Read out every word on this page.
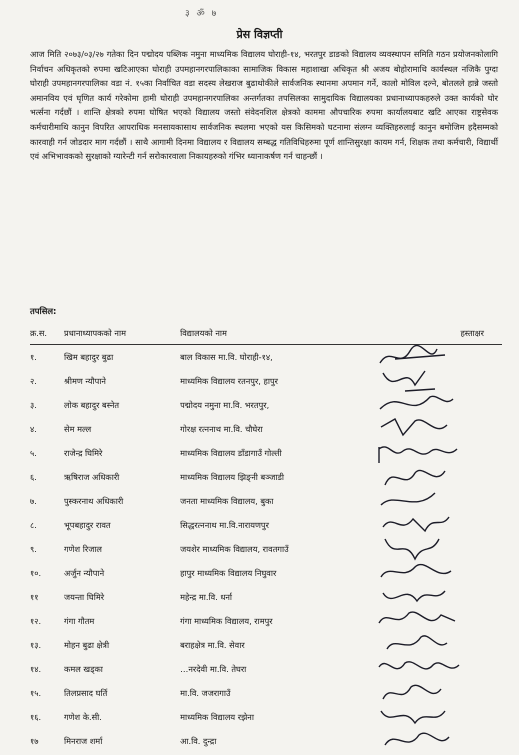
३ ॐ ७
प्रेस विज्ञप्ती

आज मिति २०७३/०३/२७ गतेका दिन पद्मोदय पब्लिक नमुना माध्यमिक विद्यालय घोराही-१४, भरतपुर डाङको विद्यालय व्यवस्थापन समिति गठन प्रयोजनकोलागि निर्वाचन अधिकृतको रुपमा खटिआएका घोराही उपमहानगरपालिकाका सामाजिक विकास महाशाखा अधिकृत श्री अजय बोहोरामाथि कार्यस्थल नजिकै पुग्दा घोराही उपमहानगरपालिका वडा नं. १५का निर्वाचित वडा सदस्य लेखराज बुढाथोकीले सार्वजनिक स्थानमा अपमान गर्ने, कालो मोविल दल्ने, बोतलले हान्ने जस्तो अमानविय एवं घृणित कार्य गरेकोमा हामी घोराही उपमहानगरपालिका अन्तर्गतका तपसिलका सामुदायिक विद्यालयका प्रधानाध्यापकहरुले उक्त कार्यको घोर भर्त्सना गर्दछौं । शान्ति क्षेत्रको रुपमा घोषित भएको विद्यालय जस्तो संवेदनशिल क्षेत्रको काममा औपचारिक रुपमा कार्यालयबाट खटि आएका राष्ट्रसेवक कर्मचारीमाथि कानुन विपरित आपराधिक मनसायकासाथ सार्वजनिक स्थलमा भएको यस किसिमको घटनामा संलग्न व्यक्तिहरुलाई कानुन बमोजिम हदैसम्मको कारवाही गर्न जोडदार माग गर्दछौं । साथै आगामी दिनमा विद्यालय र विद्यालय सम्बद्ध गतिविधिहरुमा पूर्ण शान्तिसुरक्षा कायम गर्न, शिक्षक तथा कर्मचारी, विद्यार्थी एवं अभिभावकको सुरक्षाको ग्यारेन्टी गर्न सरोकारवाला निकायहरुको गंभिर ध्यानाकर्षण गर्न चाहन्छौं ।

तपसिल:
क्र.स.	प्रधानाध्यापकको नाम	विद्यालयको नाम	हस्ताक्षर
१.	खिम बहादुर बुढा	बाल विकास मा.वि. घोराही-१४,	

२.	श्रीमण न्यौपाने	माध्यमिक विद्यालय रतनपुर, हापुर	

३.	लोक बहादुर बस्नेत	पद्मोदय नमुना मा.वि. भरतपुर,	

४.	सेम मल्ल	गोरक्ष रत्ननाथ मा.वि. चौघेरा	

५.	राजेन्द्र घिमिरे	माध्यमिक विद्यालय डाँडागाउँ गोल्ती	

६.	ऋषिराज अधिकारी	माध्यमिक विद्यालय झिङ्नी बञ्जाडी	

७.	पुस्करनाथ अधिकारी	जनता माध्यमिक विद्यालय, बुका	

८.	भूपबहादुर रावत	सिद्धरत्ननाथ मा.वि.नारायणपुर	

९.	गणेश रिजाल	जयशेर माध्यमिक विद्यालय, रावतगाउँ	

१०.	अर्जुन न्यौपाने	हापुर माध्यमिक विद्यालय निघुवार	

११	जयन्ता घिमिरे	महेन्द्र मा.वि. धर्ना	

१२.	गंगा गौतम	गंगा माध्यमिक विद्यालय, रामपुर	

१३.	मोहन बुढा क्षेत्री	बराहक्षेत्र मा.वि. सेवार	

१४.	कमल खड्का	…नरदेवी मा.वि. तेघरा	

१५.	तिलप्रसाद घर्ति	मा.वि. जजरागाउँ	

१६.	गणेश के.सी.	माध्यमिक विद्यालय रझेना	

१७	मिनराज शर्मा	आ.वि. दुन्द्रा	
